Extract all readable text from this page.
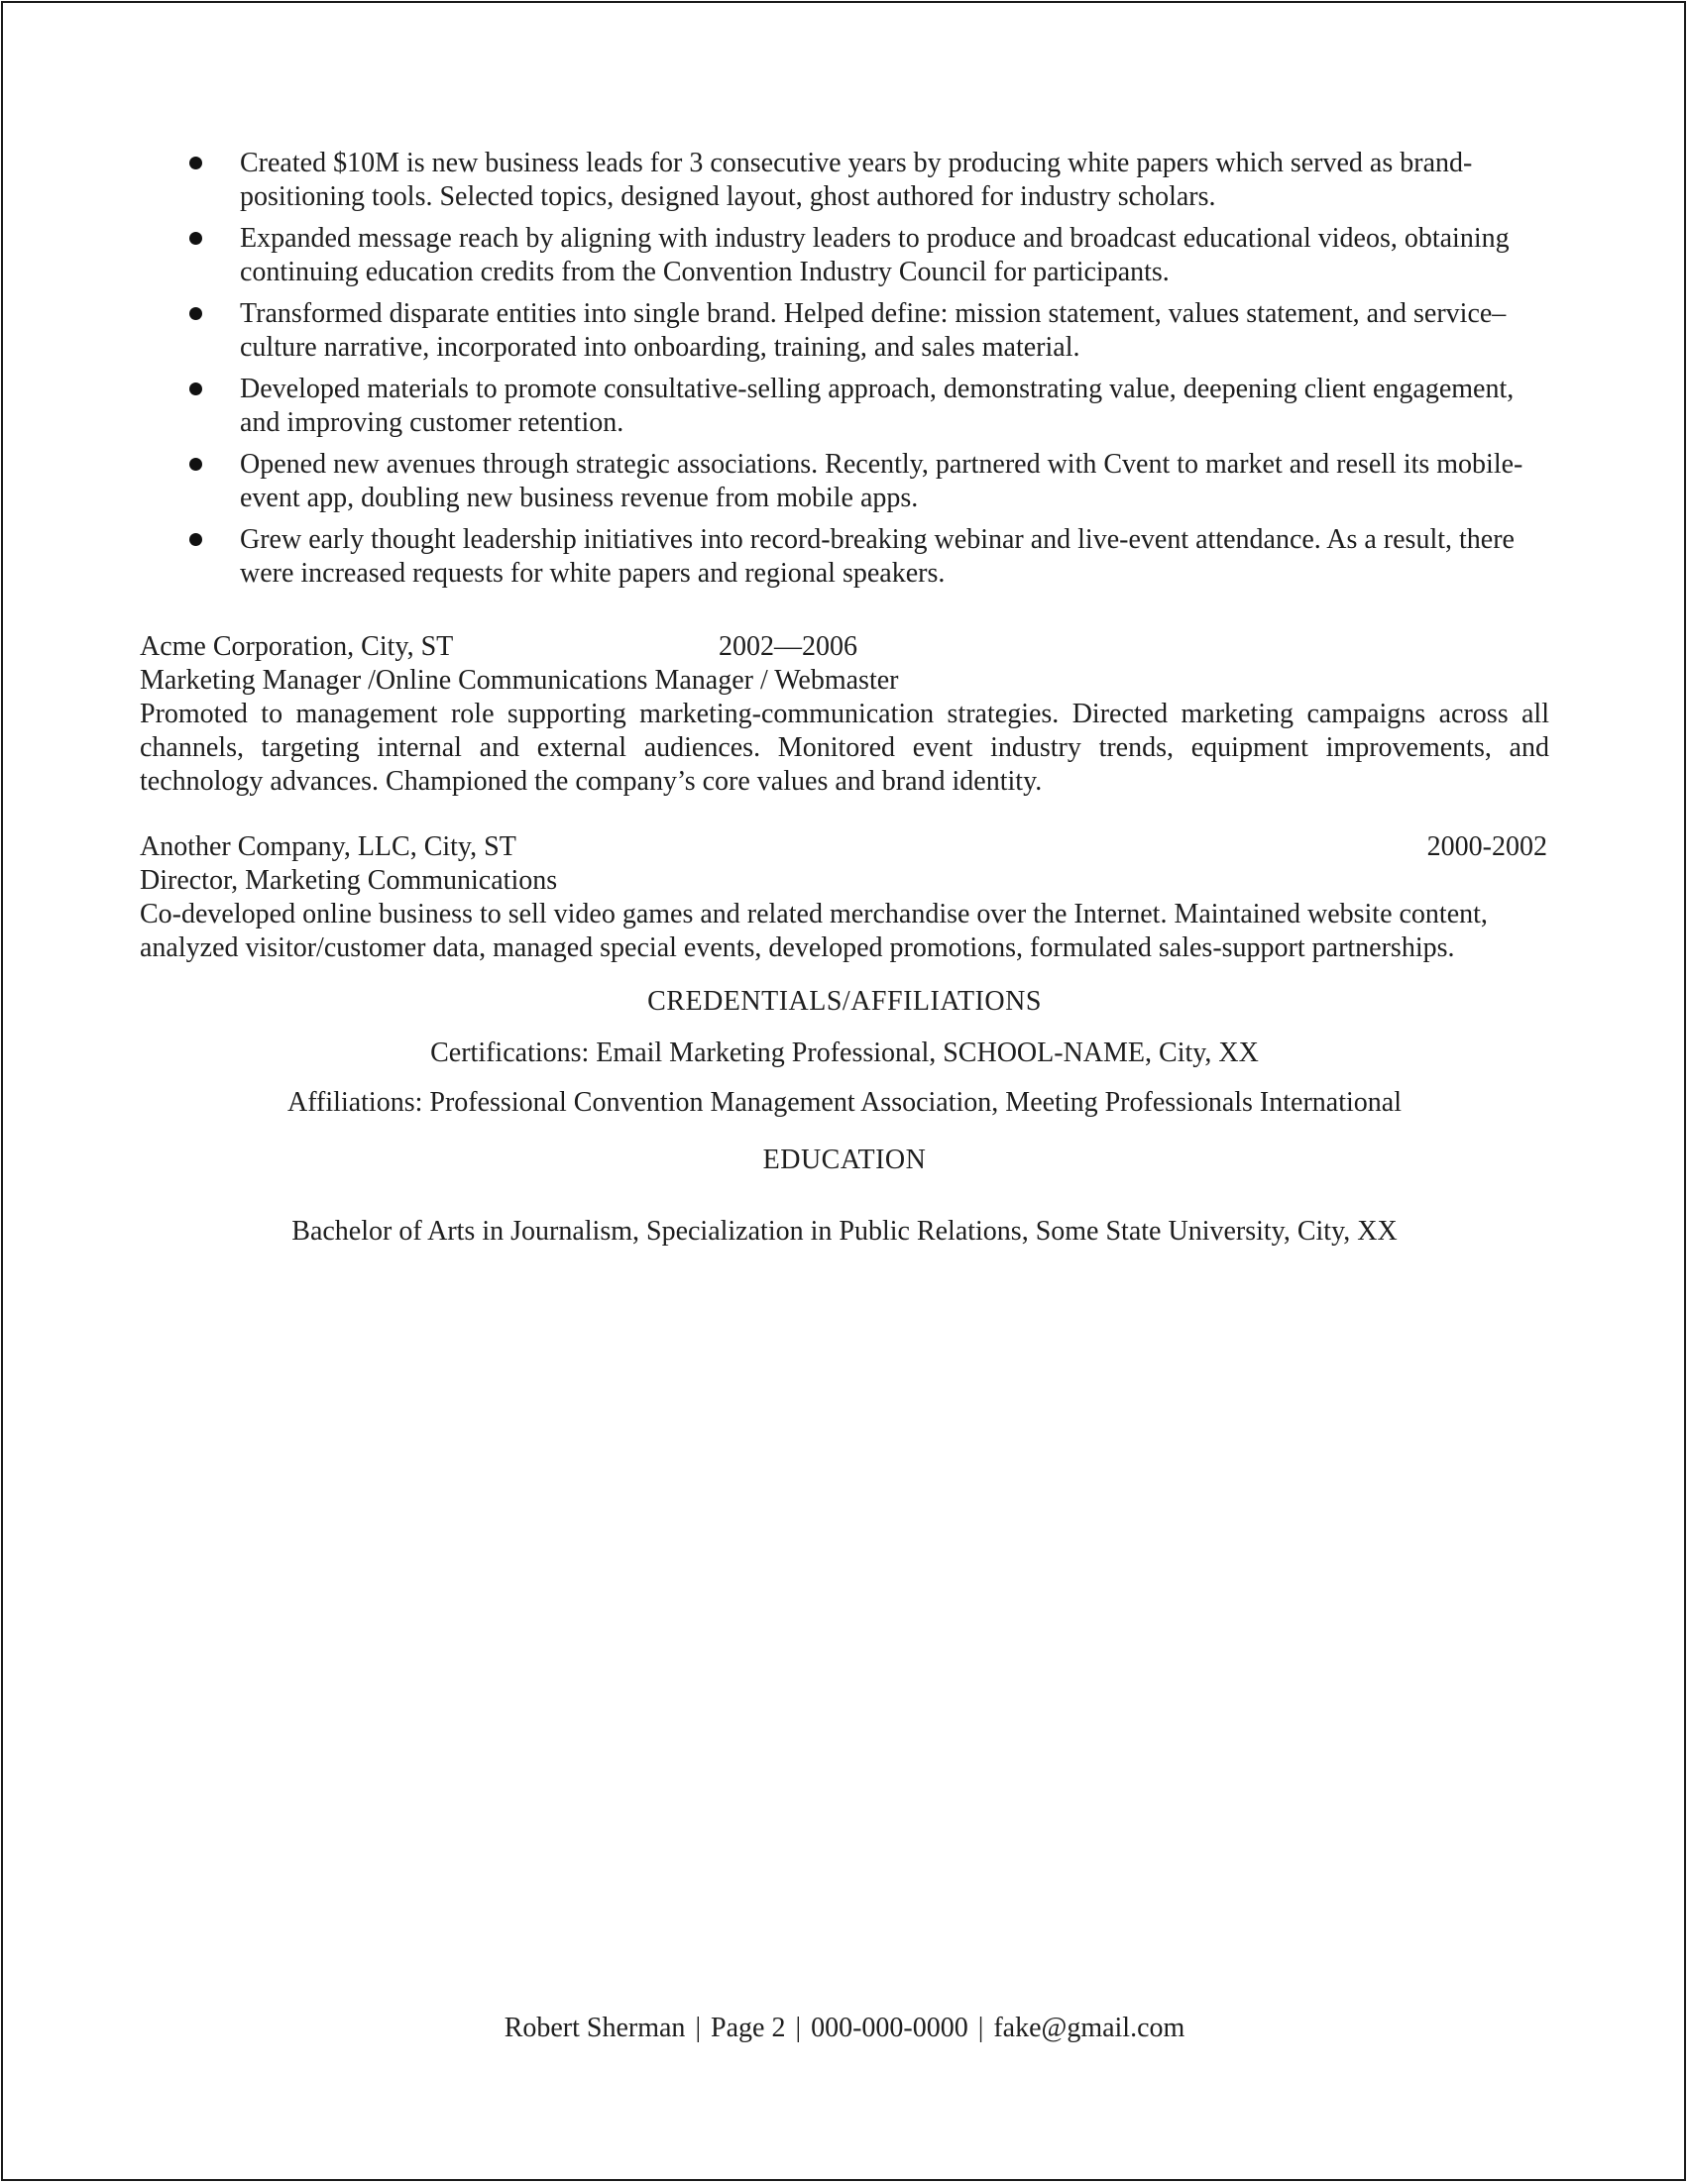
Created $10M is new business leads for 3 consecutive years by producing white papers which served as brand-positioning tools. Selected topics, designed layout, ghost authored for industry scholars.
Expanded message reach by aligning with industry leaders to produce and broadcast educational videos, obtaining continuing education credits from the Convention Industry Council for participants.
Transformed disparate entities into single brand. Helped define: mission statement, values statement, and service–culture narrative, incorporated into onboarding, training, and sales material.
Developed materials to promote consultative-selling approach, demonstrating value, deepening client engagement, and improving customer retention.
Opened new avenues through strategic associations. Recently, partnered with Cvent to market and resell its mobile-event app, doubling new business revenue from mobile apps.
Grew early thought leadership initiatives into record-breaking webinar and live-event attendance. As a result, there were increased requests for white papers and regional speakers.
Acme Corporation, City, ST	2002—2006

Marketing Manager /Online Communications Manager / Webmaster

Promoted to management role supporting marketing-communication strategies. Directed marketing campaigns across all channels, targeting internal and external audiences. Monitored event industry trends, equipment improvements, and technology advances. Championed the company’s core values and brand identity.

Another Company, LLC, City, ST	2000-2002

Director, Marketing Communications

Co-developed online business to sell video games and related merchandise over the Internet. Maintained website content, analyzed visitor/customer data, managed special events, developed promotions, formulated sales-support partnerships.

CREDENTIALS/AFFILIATIONS

Certifications: Email Marketing Professional, SCHOOL-NAME, City, XX

Affiliations: Professional Convention Management Association, Meeting Professionals International

EDUCATION

Bachelor of Arts in Journalism, Specialization in Public Relations, Some State University, City, XX

Robert Sherman | Page 2 | 000-000-0000 | fake@gmail.com
